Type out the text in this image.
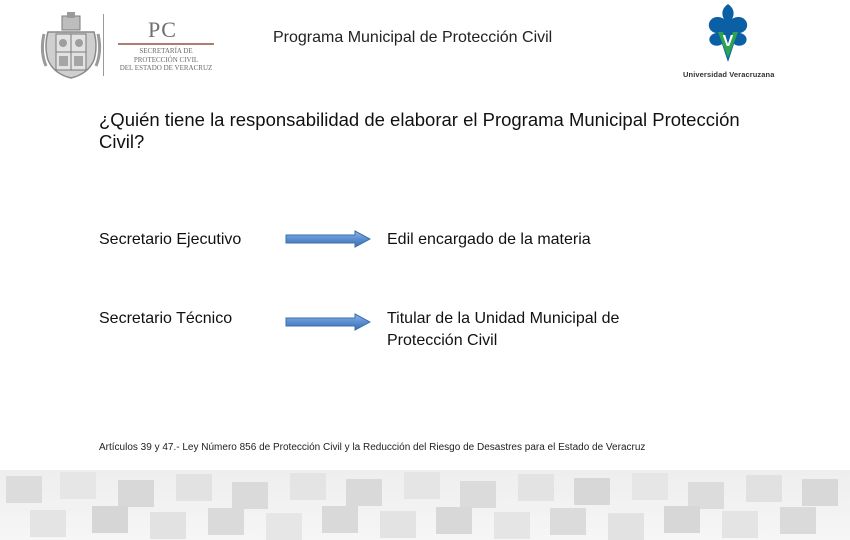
PC
SECRETARÍA DE
PROTECCIÓN CIVIL
DEL ESTADO DE VERACRUZ
Programa Municipal de Protección Civil	V
Universidad Veracruzana
¿Quién tiene la responsabilidad de elaborar el Programa Municipal Protección Civil?
Secretario Ejecutivo	Edil encargado de la materia
Secretario Técnico	Titular de la Unidad Municipal de Protección Civil
Artículos 39 y 47.- Ley Número 856 de Protección Civil y la Reducción del Riesgo de Desastres para el Estado de Veracruz
